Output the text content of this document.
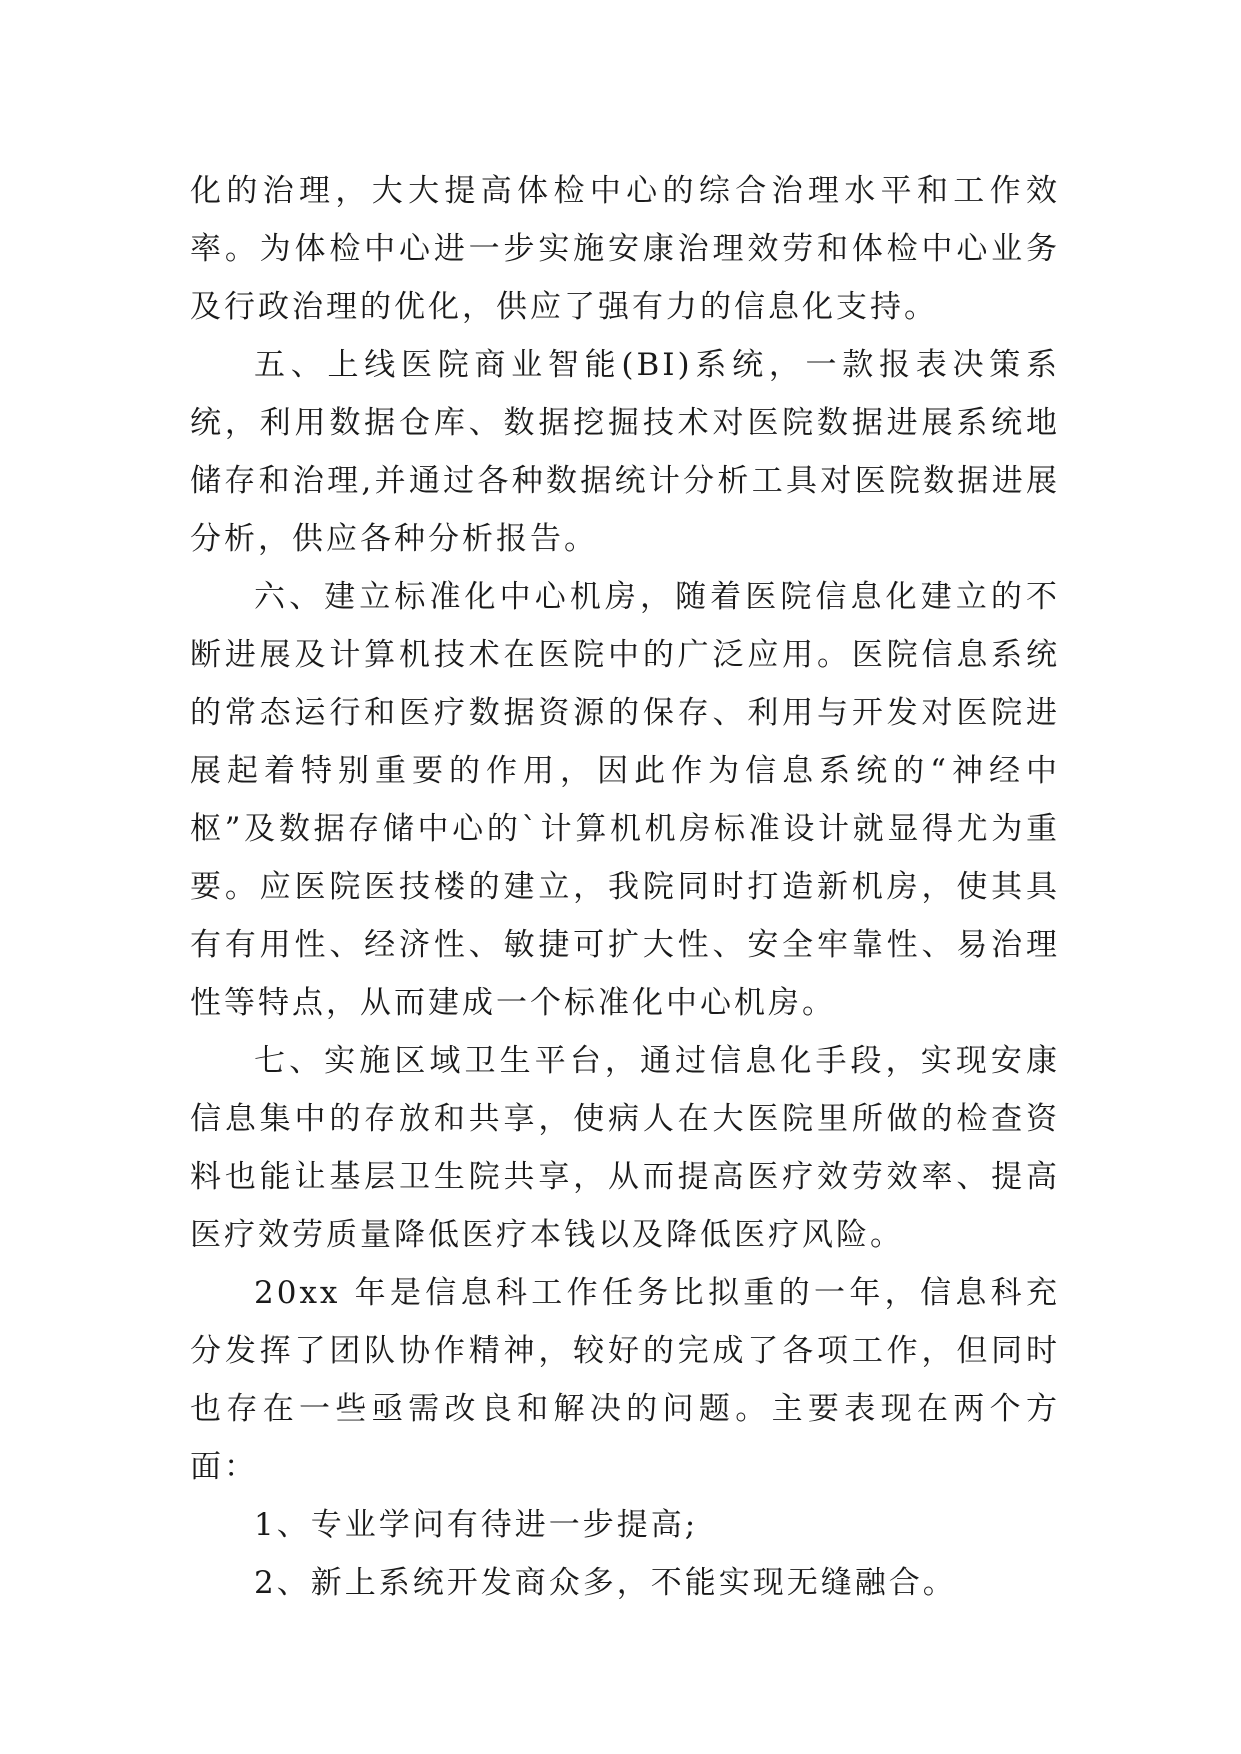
化的治理，大大提高体检中心的综合治理水平和工作效率。为体检中心进一步实施安康治理效劳和体检中心业务及行政治理的优化，供应了强有力的信息化支持。

五、上线医院商业智能(BI)系统，一款报表决策系统，利用数据仓库、数据挖掘技术对医院数据进展系统地储存和治理,并通过各种数据统计分析工具对医院数据进展分析，供应各种分析报告。

六、建立标准化中心机房，随着医院信息化建立的不断进展及计算机技术在医院中的广泛应用。医院信息系统的常态运行和医疗数据资源的保存、利用与开发对医院进展起着特别重要的作用，因此作为信息系统的“神经中枢”及数据存储中心的`计算机机房标准设计就显得尤为重要。应医院医技楼的建立，我院同时打造新机房，使其具有有用性、经济性、敏捷可扩大性、安全牢靠性、易治理性等特点，从而建成一个标准化中心机房。

七、实施区域卫生平台，通过信息化手段，实现安康信息集中的存放和共享，使病人在大医院里所做的检查资料也能让基层卫生院共享，从而提高医疗效劳效率、提高医疗效劳质量降低医疗本钱以及降低医疗风险。

20xx 年是信息科工作任务比拟重的一年，信息科充分发挥了团队协作精神，较好的完成了各项工作，但同时也存在一些亟需改良和解决的问题。主要表现在两个方面：

1、专业学问有待进一步提高;

2、新上系统开发商众多，不能实现无缝融合。
